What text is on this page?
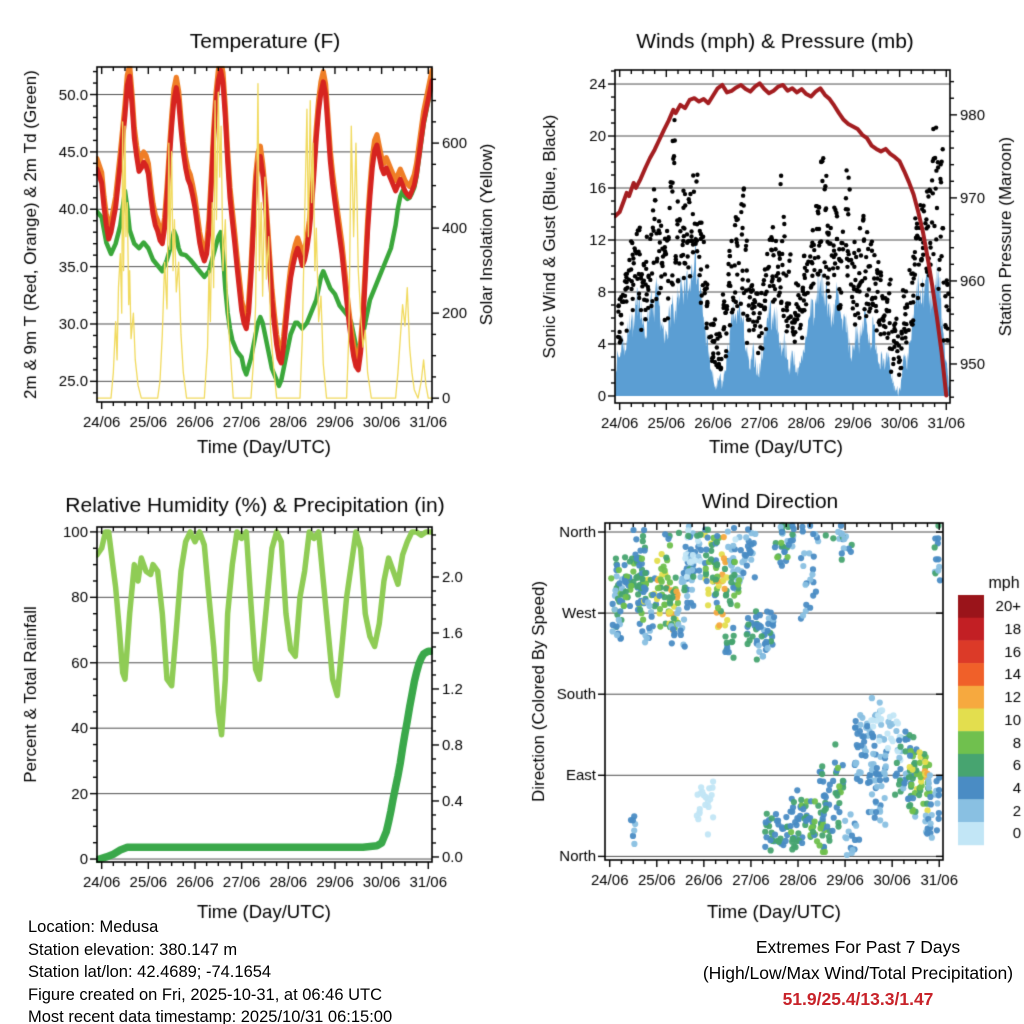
Location: Medusa
Station elevation: 380.147 m
Station lat/lon: 42.4689; -74.1654
Figure created on Fri, 2025-10-31, at 06:46 UTC
Most recent data timestamp: 2025/10/31 06:15:00
Extremes For Past 7 Days
(High/Low/Max Wind/Total Precipitation)
51.9/25.4/13.3/1.47
